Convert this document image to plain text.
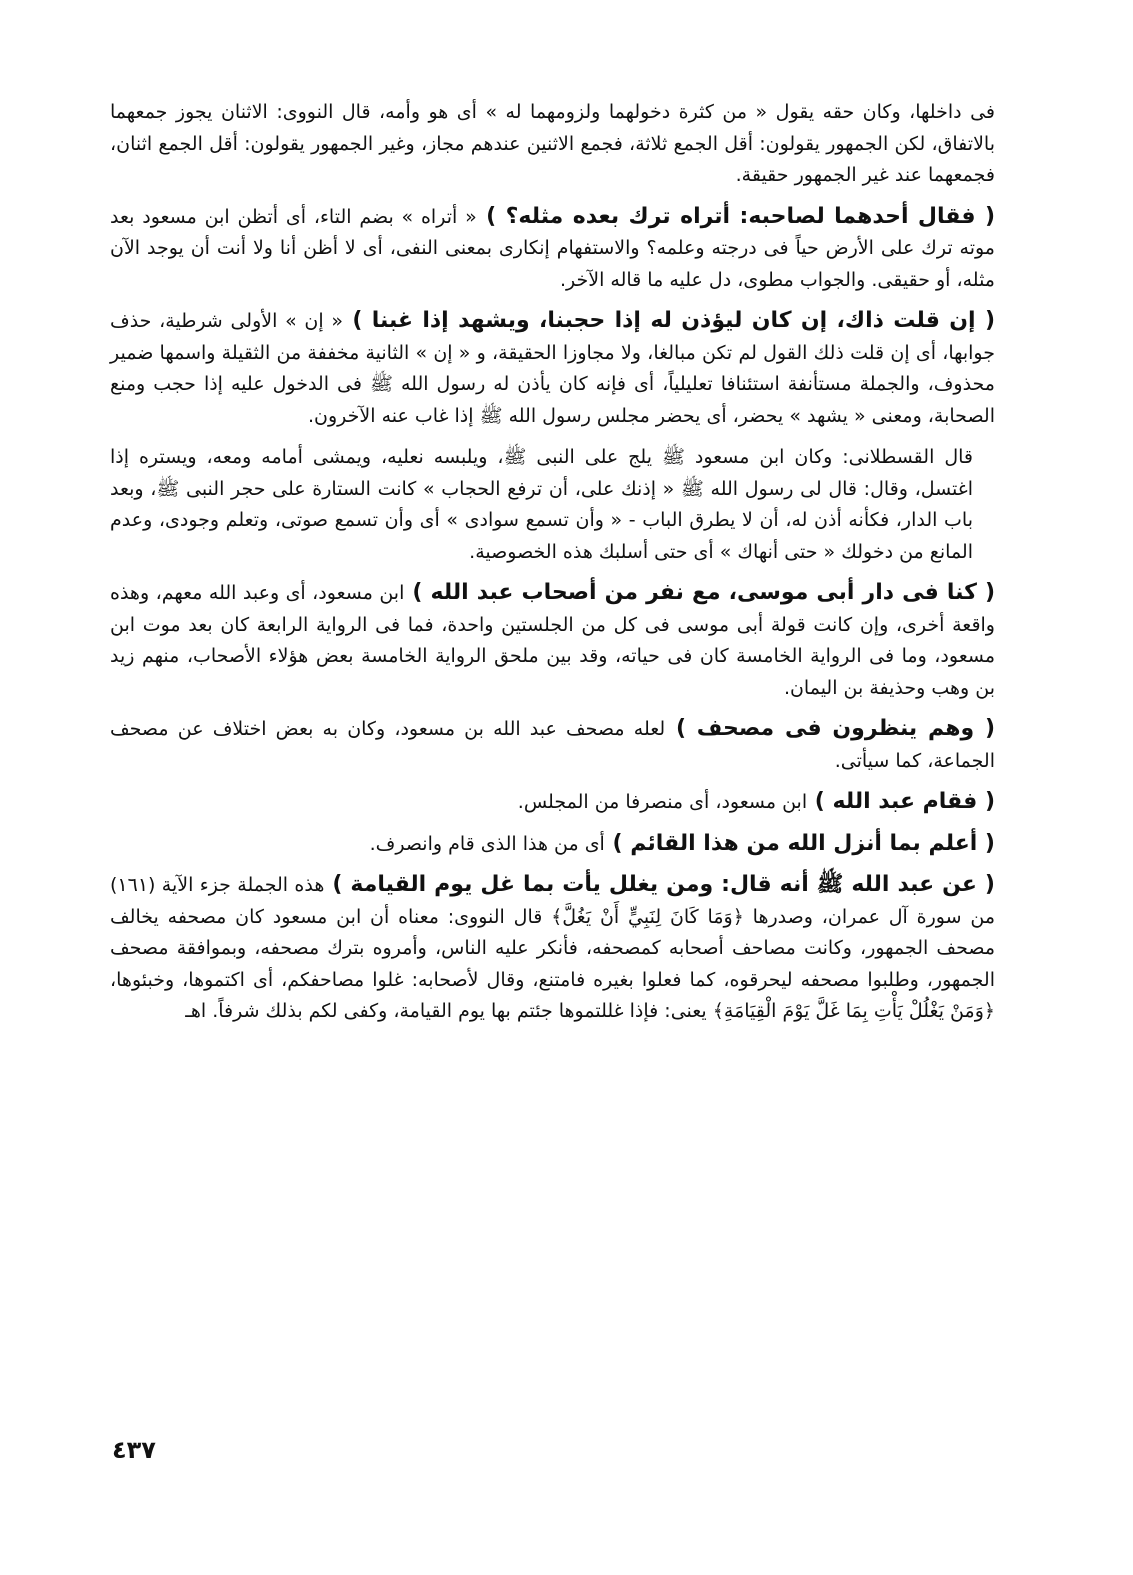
فى داخلها، وكان حقه يقول « من كثرة دخولهما ولزومهما له » أى هو وأمه، قال النووى: الاثنان يجوز جمعهما بالاتفاق، لكن الجمهور يقولون: أقل الجمع ثلاثة، فجمع الاثنين عندهم مجاز، وغير الجمهور يقولون: أقل الجمع اثنان، فجمعهما عند غير الجمهور حقيقة.

( فقال أحدهما لصاحبه: أتراه ترك بعده مثله؟ ) « أتراه » بضم التاء، أى أتظن ابن مسعود بعد موته ترك على الأرض حياً فى درجته وعلمه؟ والاستفهام إنكارى بمعنى النفى، أى لا أظن أنا ولا أنت أن يوجد الآن مثله، أو حقيقى. والجواب مطوى، دل عليه ما قاله الآخر.

( إن قلت ذاك، إن كان ليؤذن له إذا حجبنا، ويشهد إذا غبنا ) « إن » الأولى شرطية، حذف جوابها، أى إن قلت ذلك القول لم تكن مبالغا، ولا مجاوزا الحقيقة، و « إن » الثانية مخففة من الثقيلة واسمها ضمير محذوف، والجملة مستأنفة استئنافا تعليلياً، أى فإنه كان يأذن له رسول الله ﷺ فى الدخول عليه إذا حجب ومنع الصحابة، ومعنى « يشهد » يحضر، أى يحضر مجلس رسول الله ﷺ إذا غاب عنه الآخرون.

قال القسطلانى: وكان ابن مسعود ﷺ يلج على النبى ﷺ، ويلبسه نعليه، ويمشى أمامه ومعه، ويستره إذا اغتسل، وقال: قال لى رسول الله ﷺ « إذنك على، أن ترفع الحجاب » كانت الستارة على حجر النبى ﷺ، وبعد باب الدار، فكأنه أذن له، أن لا يطرق الباب - « وأن تسمع سوادى » أى وأن تسمع صوتى، وتعلم وجودى، وعدم المانع من دخولك « حتى أنهاك » أى حتى أسلبك هذه الخصوصية.

( كنا فى دار أبى موسى، مع نفر من أصحاب عبد الله ) ابن مسعود، أى وعبد الله معهم، وهذه واقعة أخرى، وإن كانت قولة أبى موسى فى كل من الجلستين واحدة، فما فى الرواية الرابعة كان بعد موت ابن مسعود، وما فى الرواية الخامسة كان فى حياته، وقد بين ملحق الرواية الخامسة بعض هؤلاء الأصحاب، منهم زيد بن وهب وحذيفة بن اليمان.

( وهم ينظرون فى مصحف ) لعله مصحف عبد الله بن مسعود، وكان به بعض اختلاف عن مصحف الجماعة، كما سيأتى.

( فقام عبد الله ) ابن مسعود، أى منصرفا من المجلس.

( أعلم بما أنزل الله من هذا القائم ) أى من هذا الذى قام وانصرف.

( عن عبد الله ﷺ أنه قال: ومن يغلل يأت بما غل يوم القيامة ) هذه الجملة جزء الآية (١٦١) من سورة آل عمران، وصدرها ﴿وَمَا كَانَ لِنَبِيٍّ أَنْ يَغُلَّ﴾ قال النووى: معناه أن ابن مسعود كان مصحفه يخالف مصحف الجمهور، وكانت مصاحف أصحابه كمصحفه، فأنكر عليه الناس، وأمروه بترك مصحفه، وبموافقة مصحف الجمهور، وطلبوا مصحفه ليحرقوه، كما فعلوا بغيره فامتنع، وقال لأصحابه: غلوا مصاحفكم، أى اكتموها، وخبئوها، ﴿وَمَنْ يَغْلُلْ يَأْتِ بِمَا غَلَّ يَوْمَ الْقِيَامَةِ﴾ يعنى: فإذا غللتموها جئتم بها يوم القيامة، وكفى لكم بذلك شرفاً. اهـ

٤٣٧
